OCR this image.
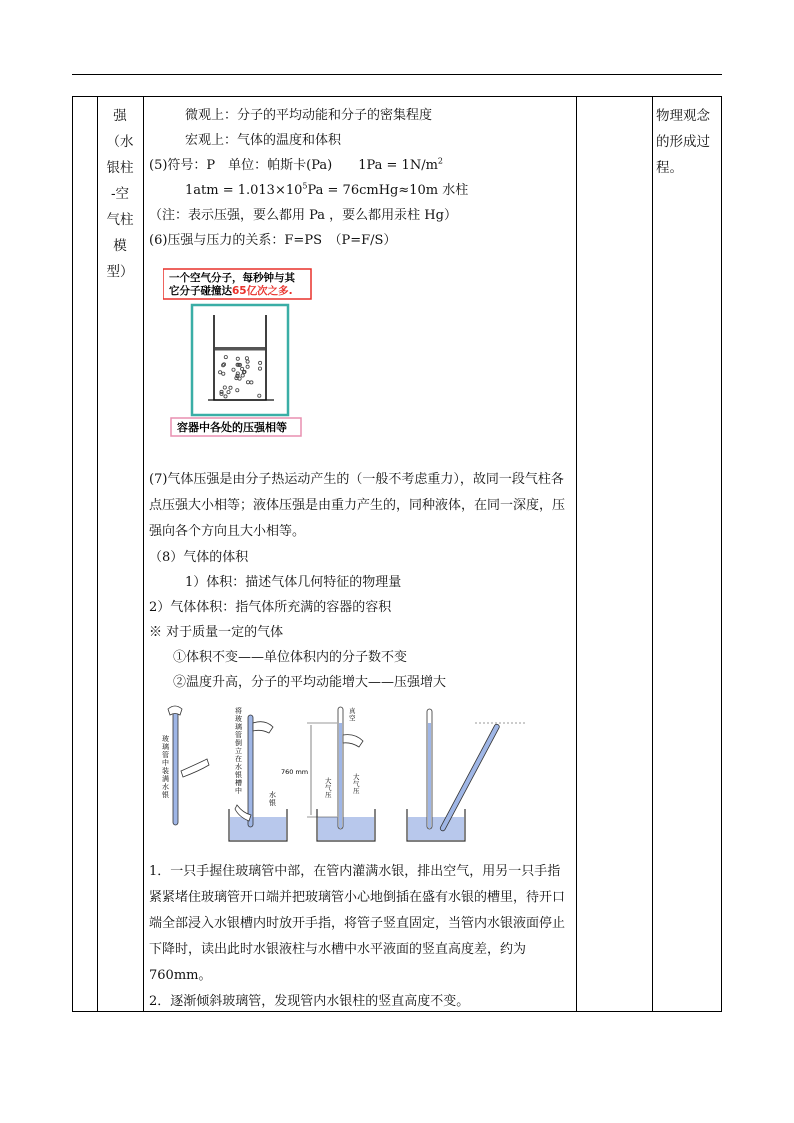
强
（水
银柱
-空
气柱
模
型）
物理观念
的形成过
程。

微观上：分子的平均动能和分子的密集程度

宏观上：气体的温度和体积

(5)符号：P　单位：帕斯卡(Pa)　　$1Pa = 1N/m^2$

$1atm = 1.013\times 10^5Pa$ = 76cmHg≈10m 水柱

（注：表示压强，要么都用 Pa ，要么都用汞柱 Hg）

(6)压强与压力的关系：F=PS　（P=F/S）

(7)气体压强是由分子热运动产生的（一般不考虑重力），故同一段气柱各点压强大小相等；液体压强是由重力产生的，同种液体，在同一深度，压强向各个方向且大小相等。

（8）气体的体积

1）体积：描述气体几何特征的物理量

2）气体体积：指气体所充满的容器的容积

※ 对于质量一定的气体

①体积不变——单位体积内的分子数不变

②温度升高，分子的平均动能增大——压强增大

1．一只手握住玻璃管中部，在管内灌满水银，排出空气，用另一只手指紧紧堵住玻璃管开口端并把玻璃管小心地倒插在盛有水银的槽里，待开口端全部浸入水银槽内时放开手指，将管子竖直固定，当管内水银液面停止下降时，读出此时水银液柱与水槽中水平液面的竖直高度差，约为 760mm。

2．逐渐倾斜玻璃管，发现管内水银柱的竖直高度不变。

一个空气分子，每秒钟与其
它分子碰撞达65亿次之多.
容器中各处的压强相等
玻璃管中装满水银
将玻璃管倒立在水银槽中	水银
760 mm
真空
大气压
大气压
